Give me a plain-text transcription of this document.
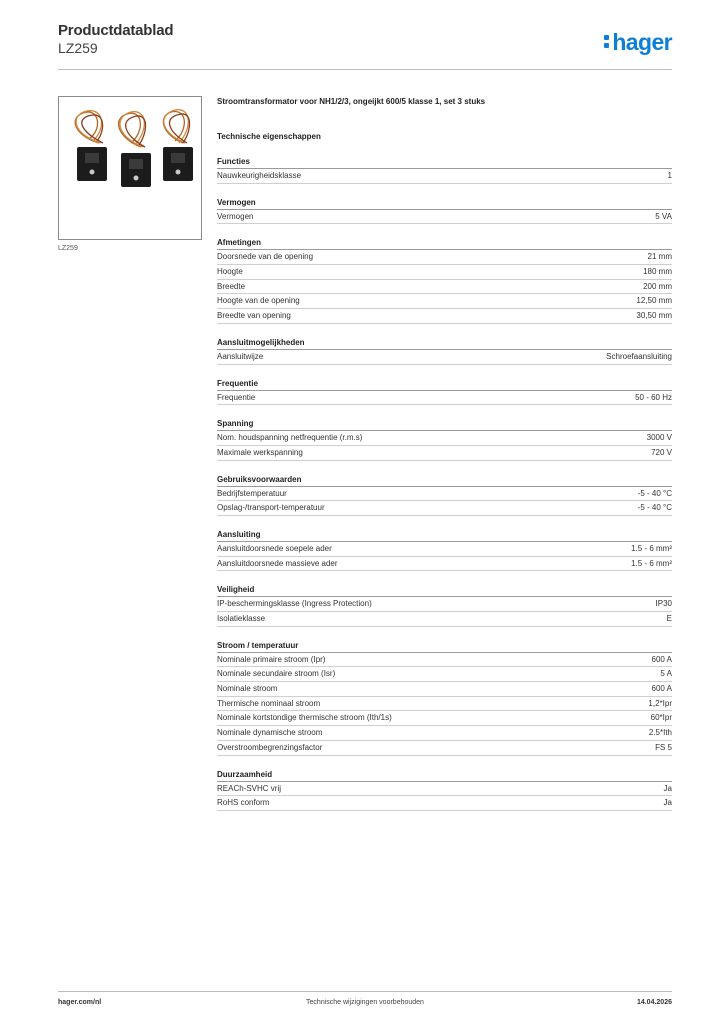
Productdatablad
LZ259	hager
LZ259
Stroomtransformator voor NH1/2/3, ongeijkt 600/5 klasse 1, set 3 stuks
Technische eigenschappen
Functies
Nauwkeurigheidsklasse	1
Vermogen
Vermogen	5 VA
Afmetingen
Doorsnede van de opening	21 mm
Hoogte	180 mm
Breedte	200 mm
Hoogte van de opening	12,50 mm
Breedte van opening	30,50 mm
Aansluitmogelijkheden
Aansluitwijze	Schroefaansluiting
Frequentie
Frequentie	50 - 60 Hz
Spanning
Nom. houdspanning netfrequentie (r.m.s)	3000 V
Maximale werkspanning	720 V
Gebruiksvoorwaarden
Bedrijfstemperatuur	-5 - 40 °C
Opslag-/transport-temperatuur	-5 - 40 °C
Aansluiting
Aansluitdoorsnede soepele ader	1.5 - 6 mm²
Aansluitdoorsnede massieve ader	1.5 - 6 mm²
Veiligheid
IP-beschermingsklasse (Ingress Protection)	IP30
Isolatieklasse	E
Stroom / temperatuur
Nominale primaire stroom (Ipr)	600 A
Nominale secundaire stroom (Isr)	5 A
Nominale stroom	600 A
Thermische nominaal stroom	1,2*Ipr
Nominale kortstondige thermische stroom (Ith/1s)	60*Ipr
Nominale dynamische stroom	2.5*Ith
Overstroombegrenzingsfactor	FS 5
Duurzaamheid
REACh-SVHC vrij	Ja
RoHS conform	Ja
hager.com/nl	Technische wijzigingen voorbehouden	14.04.2026
